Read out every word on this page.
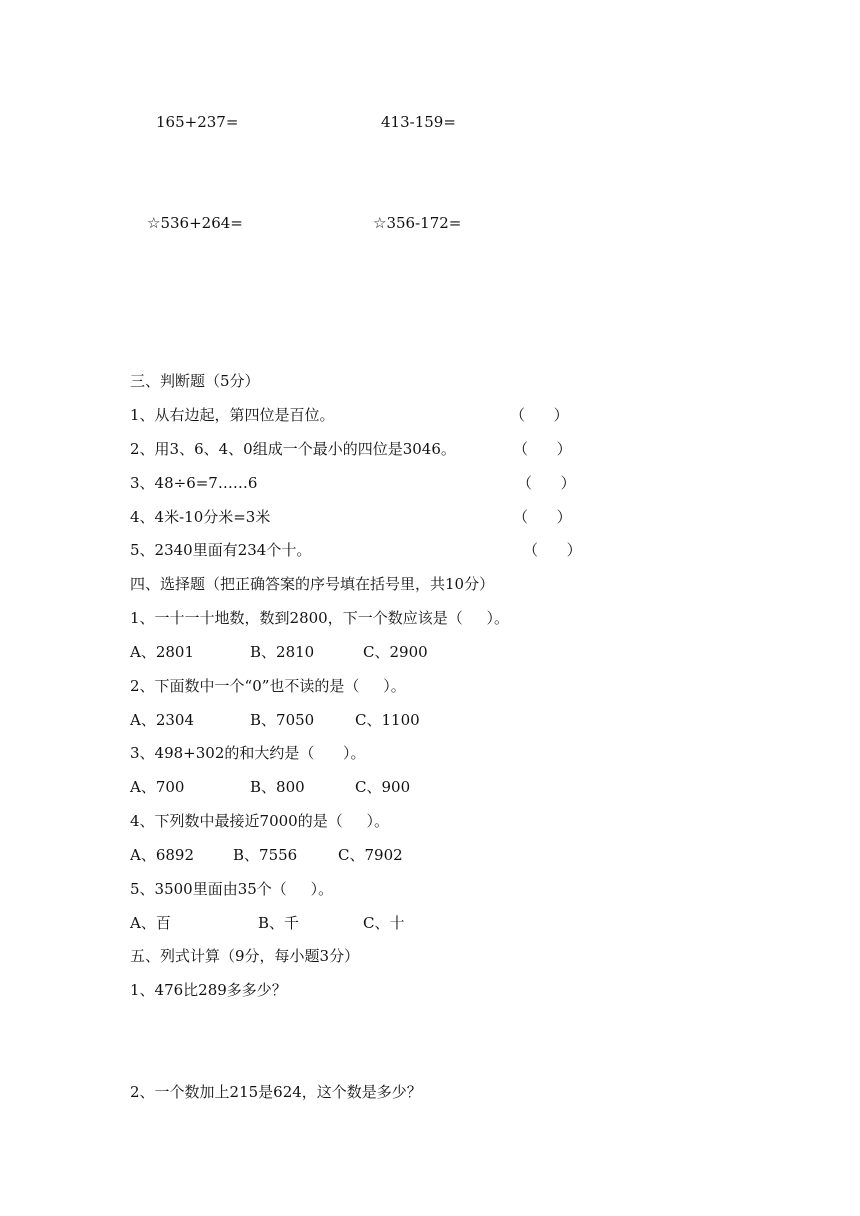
165+237=	413-159=
☆536+264=	☆356-172=
三、判断题（5分）
1、从右边起，第四位是百位。	（      ）
2、用3、6、4、0组成一个最小的四位是3046。	（      ）
3、48÷6=7……6	（      ）
4、4米-10分米=3米	（      ）
5、2340里面有234个十。	（      ）
四、选择题（把正确答案的序号填在括号里，共10分）
1、一十一十地数，数到2800，下一个数应该是（     ）。
A、2801	B、2810	C、2900
2、下面数中一个“0”也不读的是（     ）。
A、2304	B、7050	C、1100
3、498+302的和大约是（      ）。
A、700	B、800	C、900
4、下列数中最接近7000的是（     ）。
A、6892	B、7556	C、7902
5、3500里面由35个（     ）。
A、百	B、千	C、十
五、列式计算（9分，每小题3分）
1、476比289多多少？
2、一个数加上215是624，这个数是多少？
